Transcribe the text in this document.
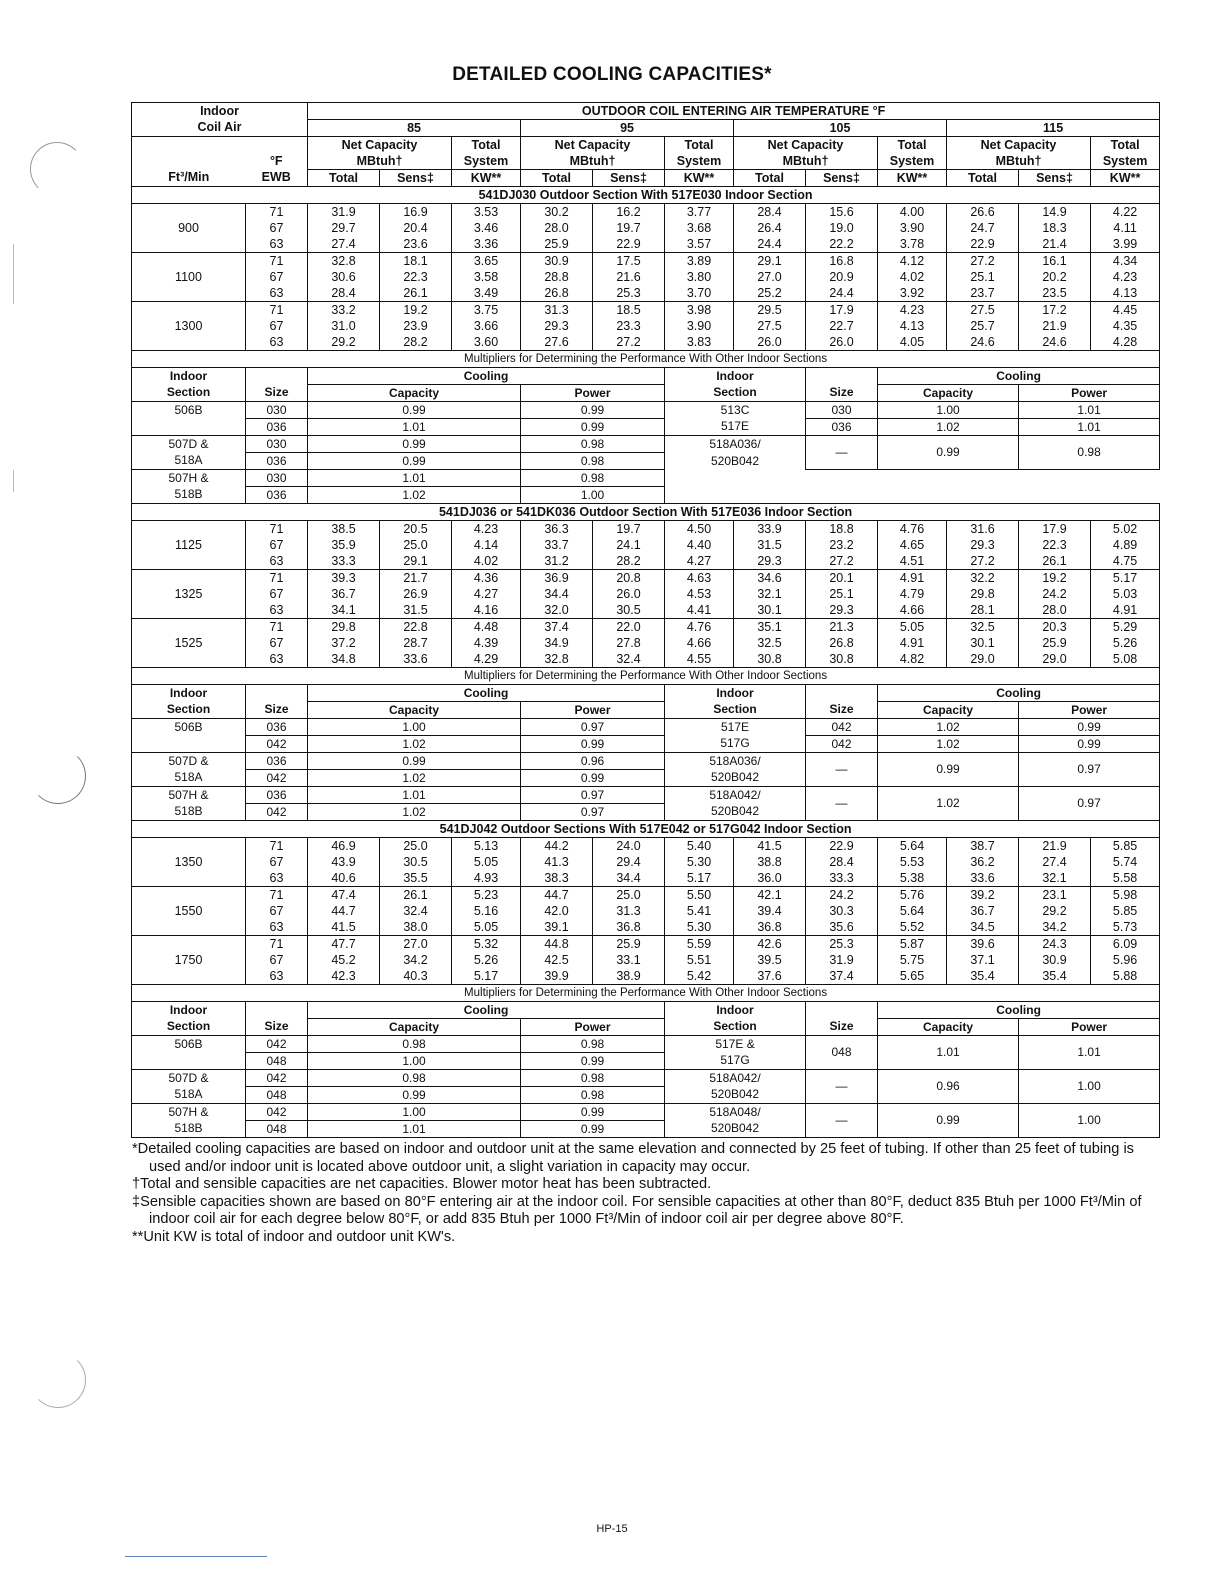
DETAILED COOLING CAPACITIES*
Indoor		OUTDOOR COIL ENTERING AIR TEMPERATURE °F											
Coil Air		85			95			105			115		
		Net Capacity		Total	Net Capacity		Total	Net Capacity		Total	Net Capacity		Total
	°F	MBtuh†		System	MBtuh†		System	MBtuh†		System	MBtuh†		System
Ft³/Min	EWB	Total	Sens‡	KW**	Total	Sens‡	KW**	Total	Sens‡	KW**	Total	Sens‡	KW**
541DJ030 Outdoor Section With 517E030 Indoor Section													
900	71	31.9	16.9	3.53	30.2	16.2	3.77	28.4	15.6	4.00	26.6	14.9	4.22
	67	29.7	20.4	3.46	28.0	19.7	3.68	26.4	19.0	3.90	24.7	18.3	4.11
	63	27.4	23.6	3.36	25.9	22.9	3.57	24.4	22.2	3.78	22.9	21.4	3.99
1100	71	32.8	18.1	3.65	30.9	17.5	3.89	29.1	16.8	4.12	27.2	16.1	4.34
	67	30.6	22.3	3.58	28.8	21.6	3.80	27.0	20.9	4.02	25.1	20.2	4.23
	63	28.4	26.1	3.49	26.8	25.3	3.70	25.2	24.4	3.92	23.7	23.5	4.13
1300	71	33.2	19.2	3.75	31.3	18.5	3.98	29.5	17.9	4.23	27.5	17.2	4.45
	67	31.0	23.9	3.66	29.3	23.3	3.90	27.5	22.7	4.13	25.7	21.9	4.35
	63	29.2	28.2	3.60	27.6	27.2	3.83	26.0	26.0	4.05	24.6	24.6	4.28
Multipliers for Determining the Performance With Other Indoor Sections													
Indoor		Cooling					Indoor			Cooling			
Section	Size	Capacity			Power		Section		Size	Capacity		Power	
506B	030	0.99			0.99		513C		030	1.00		1.01	
	036	1.01			0.99		517E		036	1.02		1.01	
507D &	030	0.99			0.98		518A036/		—	0.99		0.98	
518A	036	0.99			0.98		520B042						
507H &	030	1.01			0.98								
518B	036	1.02			1.00								
541DJ036 or 541DK036 Outdoor Section With 517E036 Indoor Section													
1125	71	38.5	20.5	4.23	36.3	19.7	4.50	33.9	18.8	4.76	31.6	17.9	5.02
	67	35.9	25.0	4.14	33.7	24.1	4.40	31.5	23.2	4.65	29.3	22.3	4.89
	63	33.3	29.1	4.02	31.2	28.2	4.27	29.3	27.2	4.51	27.2	26.1	4.75
1325	71	39.3	21.7	4.36	36.9	20.8	4.63	34.6	20.1	4.91	32.2	19.2	5.17
	67	36.7	26.9	4.27	34.4	26.0	4.53	32.1	25.1	4.79	29.8	24.2	5.03
	63	34.1	31.5	4.16	32.0	30.5	4.41	30.1	29.3	4.66	28.1	28.0	4.91
1525	71	29.8	22.8	4.48	37.4	22.0	4.76	35.1	21.3	5.05	32.5	20.3	5.29
	67	37.2	28.7	4.39	34.9	27.8	4.66	32.5	26.8	4.91	30.1	25.9	5.26
	63	34.8	33.6	4.29	32.8	32.4	4.55	30.8	30.8	4.82	29.0	29.0	5.08
Multipliers for Determining the Performance With Other Indoor Sections													
Indoor		Cooling					Indoor			Cooling			
Section	Size	Capacity			Power		Section		Size	Capacity		Power	
506B	036	1.00			0.97		517E		042	1.02		0.99	
	042	1.02			0.99		517G		042	1.02		0.99	
507D &	036	0.99			0.96		518A036/		—	0.99		0.97	
518A	042	1.02			0.99		520B042						
507H &	036	1.01			0.97		518A042/		—	1.02		0.97	
518B	042	1.02			0.97		520B042						
541DJ042 Outdoor Sections With 517E042 or 517G042 Indoor Section													
1350	71	46.9	25.0	5.13	44.2	24.0	5.40	41.5	22.9	5.64	38.7	21.9	5.85
	67	43.9	30.5	5.05	41.3	29.4	5.30	38.8	28.4	5.53	36.2	27.4	5.74
	63	40.6	35.5	4.93	38.3	34.4	5.17	36.0	33.3	5.38	33.6	32.1	5.58
1550	71	47.4	26.1	5.23	44.7	25.0	5.50	42.1	24.2	5.76	39.2	23.1	5.98
	67	44.7	32.4	5.16	42.0	31.3	5.41	39.4	30.3	5.64	36.7	29.2	5.85
	63	41.5	38.0	5.05	39.1	36.8	5.30	36.8	35.6	5.52	34.5	34.2	5.73
1750	71	47.7	27.0	5.32	44.8	25.9	5.59	42.6	25.3	5.87	39.6	24.3	6.09
	67	45.2	34.2	5.26	42.5	33.1	5.51	39.5	31.9	5.75	37.1	30.9	5.96
	63	42.3	40.3	5.17	39.9	38.9	5.42	37.6	37.4	5.65	35.4	35.4	5.88
Multipliers for Determining the Performance With Other Indoor Sections													
Indoor		Cooling					Indoor			Cooling			
Section	Size	Capacity			Power		Section		Size	Capacity		Power	
506B	042	0.98			0.98		517E &		048	1.01		1.01	
	048	1.00			0.99		517G						
507D &	042	0.98			0.98		518A042/		—	0.96		1.00	
518A	048	0.99			0.98		520B042						
507H &	042	1.00			0.99		518A048/		—	0.99		1.00	
518B	048	1.01			0.99		520B042						

*Detailed cooling capacities are based on indoor and outdoor unit at the same elevation and connected by 25 feet of tubing. If other than 25 feet of tubing is used and/or indoor unit is located above outdoor unit, a slight variation in capacity may occur.

†Total and sensible capacities are net capacities. Blower motor heat has been subtracted.

‡Sensible capacities shown are based on 80°F entering air at the indoor coil. For sensible capacities at other than 80°F, deduct 835 Btuh per 1000 Ft³/Min of indoor coil air for each degree below 80°F, or add 835 Btuh per 1000 Ft³/Min of indoor coil air per degree above 80°F.

**Unit KW is total of indoor and outdoor unit KW's.

HP-15
